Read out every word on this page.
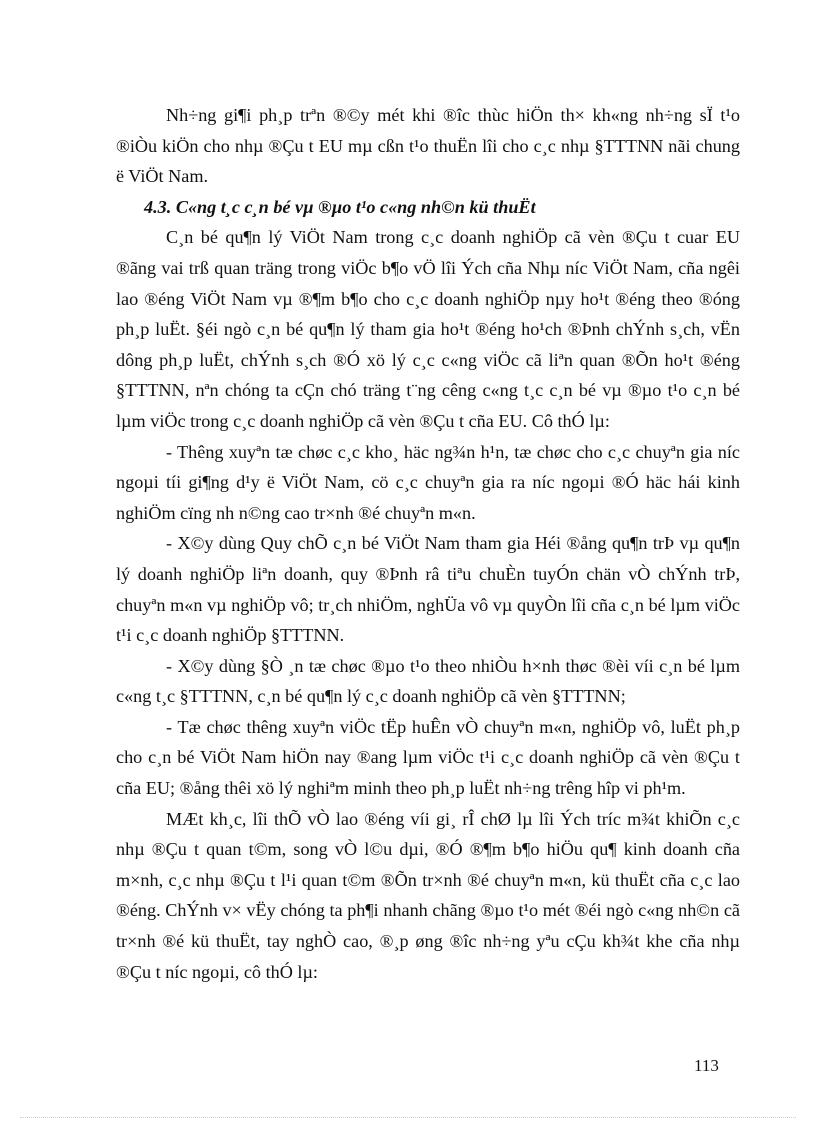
Nh÷ng gi¶i ph¸p trªn ®©y mét khi ®îc thùc hiÖn th× kh«ng nh÷ng sÏ t¹o ®iÒu kiÖn cho nhµ ®Çu t EU mµ cßn t¹o thuËn lîi cho c¸c nhµ §TTTNN nãi chung ë ViÖt Nam.

4.3. C«ng t¸c c¸n bé vµ ®µo t¹o c«ng nh©n kü thuËt

C¸n bé qu¶n lý ViÖt Nam trong c¸c doanh nghiÖp cã vèn ®Çu t cuar EU ®ãng vai trß quan träng trong viÖc b¶o vÖ lîi Ých cña Nhµ níc ViÖt Nam, cña ngêi lao ®éng ViÖt Nam vµ ®¶m b¶o cho c¸c doanh nghiÖp nµy ho¹t ®éng theo ®óng ph¸p luËt. §éi ngò c¸n bé qu¶n lý tham gia ho¹t ®éng ho¹ch ®Þnh chÝnh s¸ch, vËn dông ph¸p luËt, chÝnh s¸ch ®Ó xö lý c¸c c«ng viÖc cã liªn quan ®Õn ho¹t ®éng §TTTNN, nªn chóng ta cÇn chó träng t¨ng cêng c«ng t¸c c¸n bé vµ ®µo t¹o c¸n bé lµm viÖc trong c¸c doanh nghiÖp cã vèn ®Çu t cña EU. Cô thÓ lµ:

- Thêng xuyªn tæ chøc c¸c kho¸ häc ng¾n h¹n, tæ chøc cho c¸c chuyªn gia níc ngoµi tíi gi¶ng d¹y ë ViÖt Nam, cö c¸c chuyªn gia ra níc ngoµi ®Ó häc hái kinh nghiÖm cïng nh n©ng cao tr×nh ®é chuyªn m«n.

- X©y dùng Quy chÕ c¸n bé ViÖt Nam tham gia Héi ®ång qu¶n trÞ vµ qu¶n lý doanh nghiÖp liªn doanh, quy ®Þnh râ tiªu chuÈn tuyÓn chän vÒ chÝnh trÞ, chuyªn m«n vµ nghiÖp vô; tr¸ch nhiÖm, nghÜa vô vµ quyÒn lîi cña c¸n bé lµm viÖc t¹i c¸c doanh nghiÖp §TTTNN.

- X©y dùng §Ò ¸n tæ chøc ®µo t¹o theo nhiÒu h×nh thøc ®èi víi c¸n bé lµm c«ng t¸c §TTTNN, c¸n bé qu¶n lý c¸c doanh nghiÖp cã vèn §TTTNN;

- Tæ chøc thêng xuyªn viÖc tËp huÊn vÒ chuyªn m«n, nghiÖp vô, luËt ph¸p cho c¸n bé ViÖt Nam hiÖn nay ®ang lµm viÖc t¹i c¸c doanh nghiÖp cã vèn ®Çu t cña EU; ®ång thêi xö lý nghiªm minh theo ph¸p luËt nh÷ng trêng hîp vi ph¹m.

MÆt kh¸c, lîi thÕ vÒ lao ®éng víi gi¸ rÎ chØ lµ lîi Ých tríc m¾t khiÕn c¸c nhµ ®Çu t quan t©m, song vÒ l©u dµi, ®Ó ®¶m b¶o hiÖu qu¶ kinh doanh cña m×nh, c¸c nhµ ®Çu t l¹i quan t©m ®Õn tr×nh ®é chuyªn m«n, kü thuËt cña c¸c lao ®éng. ChÝnh v× vËy chóng ta ph¶i nhanh chãng ®µo t¹o mét ®éi ngò c«ng nh©n cã tr×nh ®é kü thuËt, tay nghÒ cao, ®¸p øng ®îc nh÷ng yªu cÇu kh¾t khe cña nhµ ®Çu t níc ngoµi, cô thÓ lµ:

113
